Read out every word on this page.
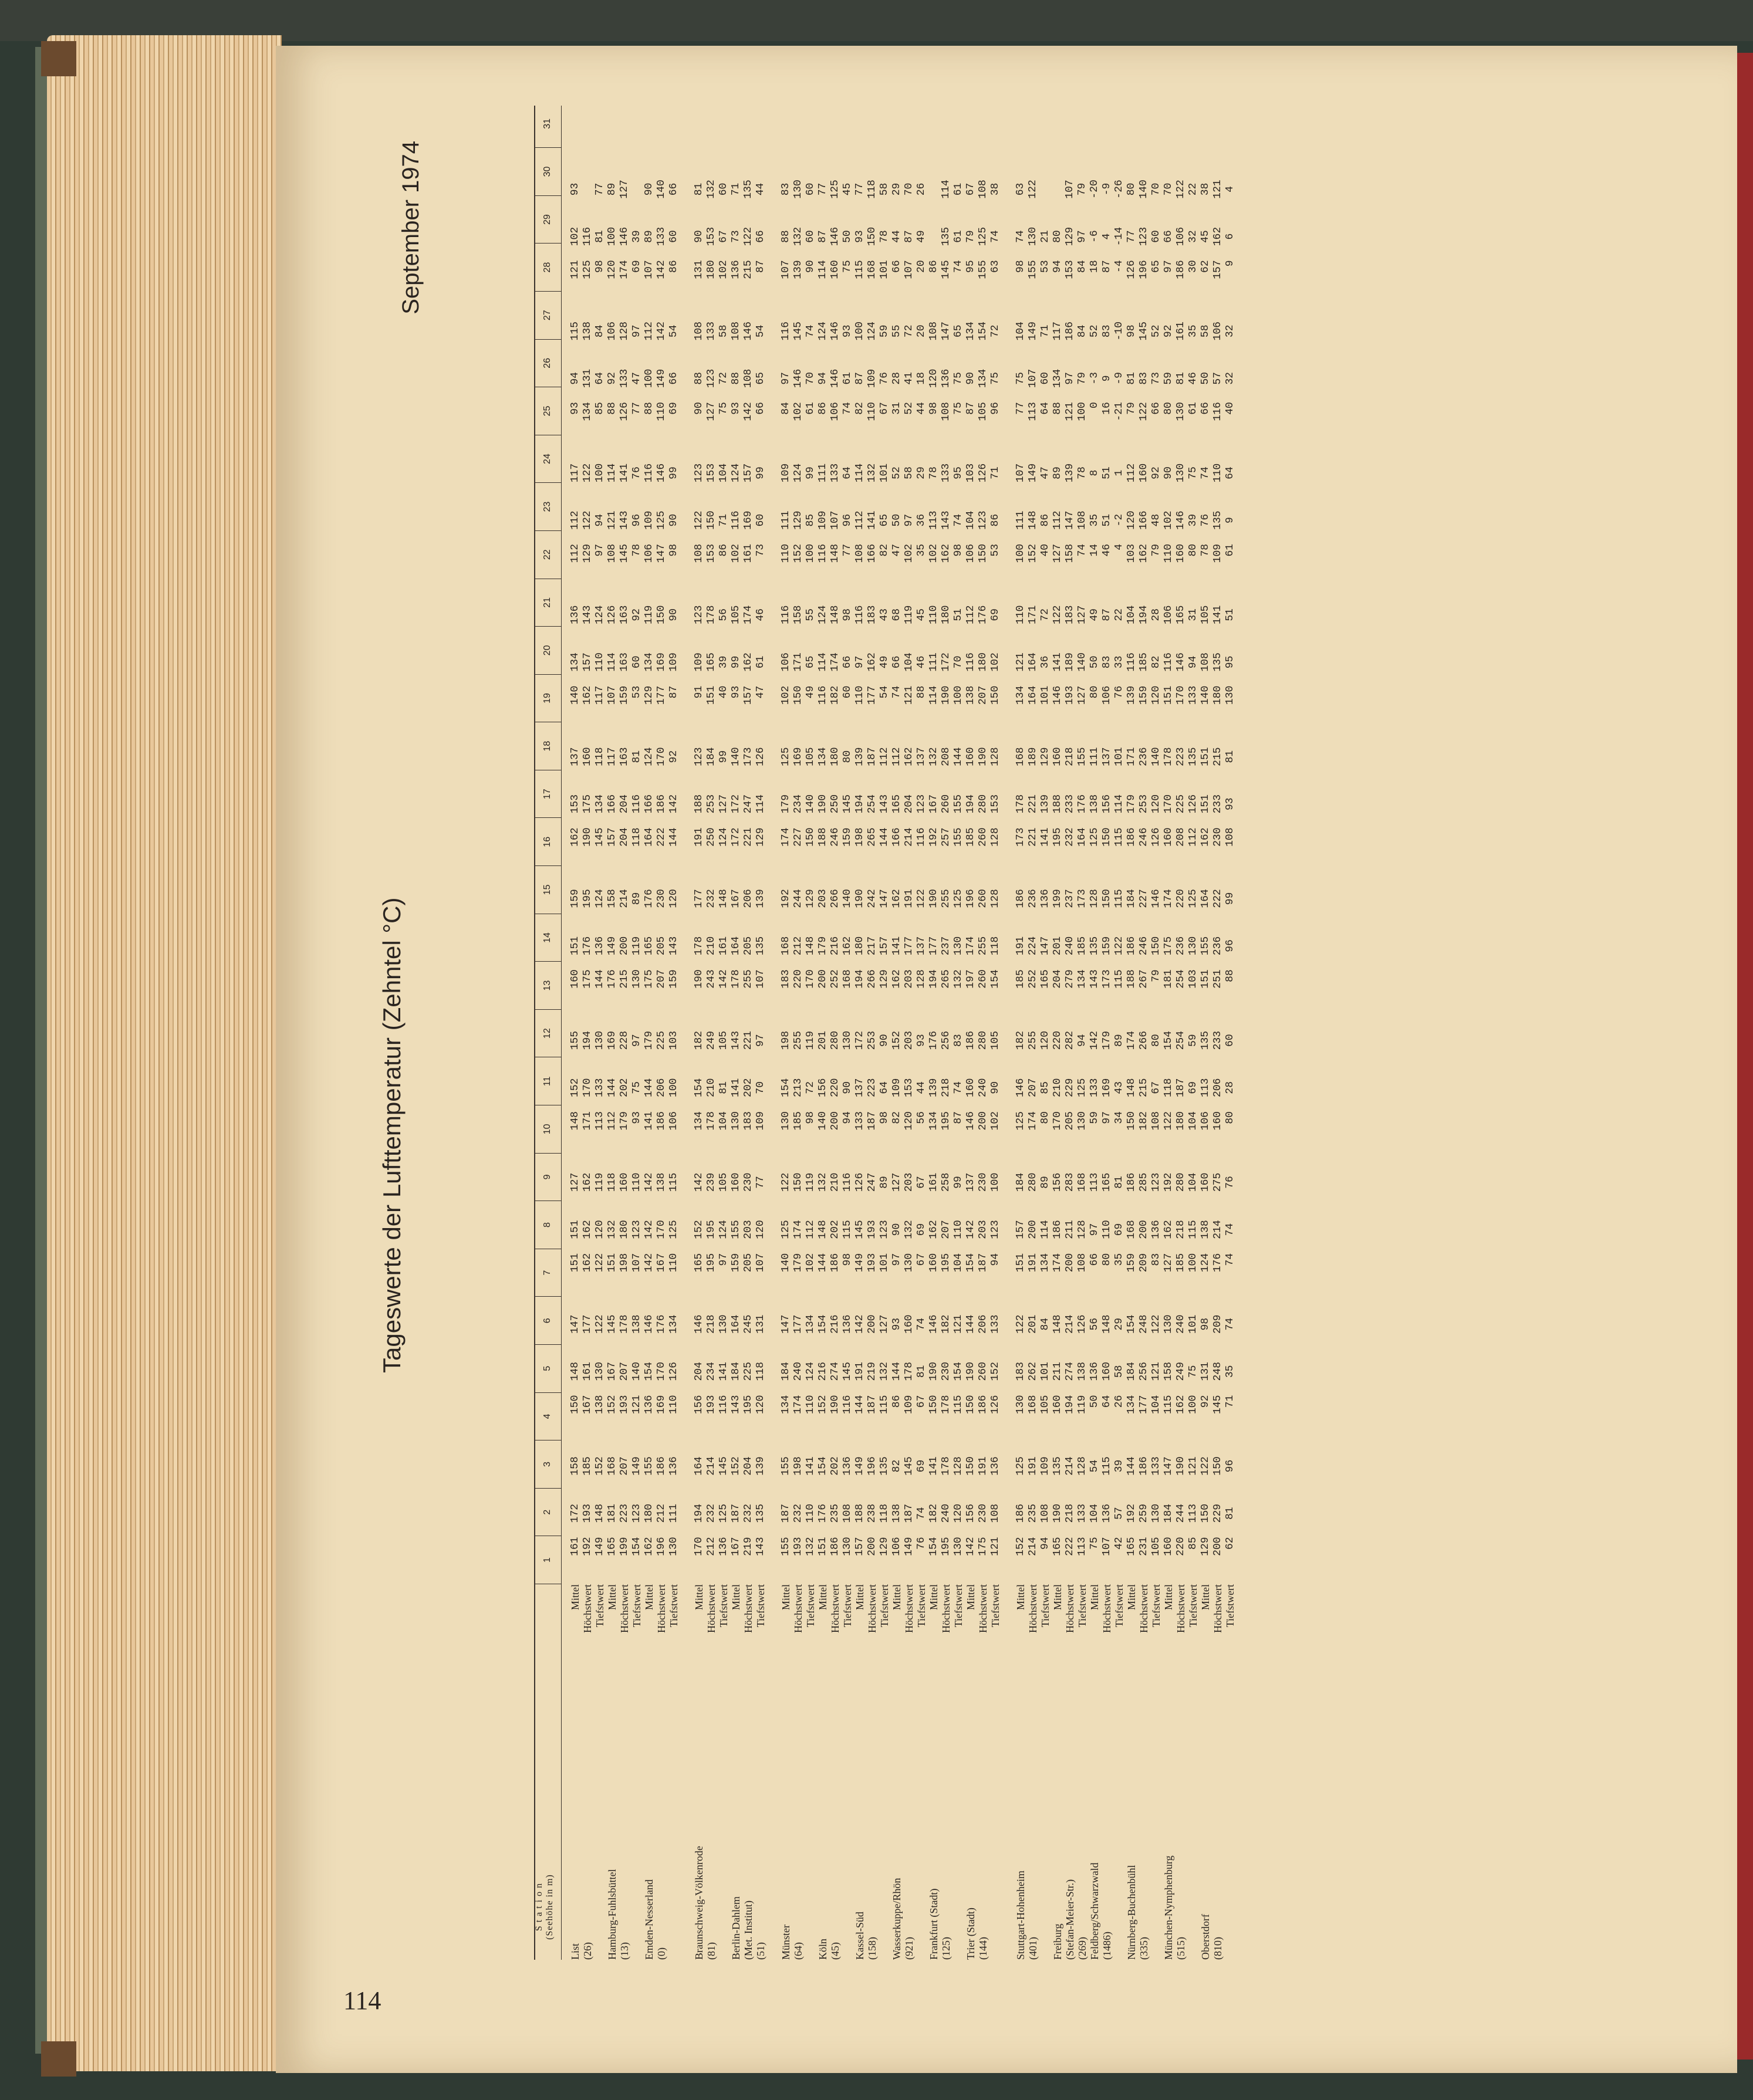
Tageswerte der Lufttemperatur (Zehntel °C)
September 1974
S t a t i o n (Seehöhe in m)
1
2
3
4
5
6
7
8
9
10
11
12
13
14
15
16
17
18
19
20
21
22
23
24
25
26
27
28
29
30
31
List
Mittel
161
172
158
150
148
147
151
151
127
148
152
155
160
151
159
162
153
137
140
134
136
112
112
117
93
94
115
121
102
93
(26)
Höchstwert
192
193
185
167
161
177
162
162
162
171
170
194
175
176
195
190
175
160
162
157
143
129
122
122
134
131
138
125
116
Tiefstwert
149
148
152
138
130
122
122
120
119
113
133
130
144
136
124
145
134
118
117
110
124
97
94
100
85
64
84
98
81
77
Hamburg-Fuhlsbüttel
Mittel
165
181
168
152
167
145
151
132
118
112
144
169
176
149
158
157
166
117
107
114
126
108
121
114
88
92
106
120
100
89
(13)
Höchstwert
199
223
207
193
207
178
198
180
160
179
202
228
215
200
214
204
204
163
159
163
163
145
143
141
126
133
128
174
146
127
Tiefstwert
154
123
149
121
140
138
107
123
110
93
75
97
130
119
89
118
116
81
53
60
92
78
96
76
77
47
97
69
39
Emden-Nesserland
Mittel
162
180
155
136
154
146
142
142
142
141
144
179
175
165
176
164
166
124
129
134
119
106
109
116
88
100
112
107
89
90
(0)
Höchstwert
196
212
186
169
170
176
167
170
138
186
206
225
207
205
230
222
186
170
177
169
150
147
125
146
110
149
142
142
133
140
Tiefstwert
130
111
136
110
126
134
110
125
115
106
100
103
159
143
120
144
142
92
87
109
90
98
90
99
69
66
54
86
60
66
Braunschweig-Völkenrode
Mittel
170
194
164
156
204
146
165
152
142
134
154
182
190
178
177
191
188
123
91
109
123
108
122
123
90
88
108
131
90
81
(81)
Höchstwert
212
232
214
193
234
218
195
195
239
178
210
249
243
210
232
250
253
184
151
165
178
153
150
153
127
123
133
180
153
132
Tiefstwert
136
125
145
116
141
130
97
124
105
104
81
105
142
161
148
124
127
99
40
39
56
86
71
104
75
72
58
102
67
60
Berlin-Dahlem
Mittel
167
187
152
143
184
164
159
155
160
130
141
143
178
164
167
172
172
140
93
99
105
102
116
124
93
88
108
136
73
71
(Met. Institut)
Höchstwert
219
232
204
195
225
245
205
203
230
183
202
221
255
205
206
221
247
173
157
162
174
161
169
157
142
108
146
215
122
135
(51)
Tiefstwert
143
135
139
120
118
131
107
120
77
109
70
97
107
135
139
129
114
126
47
61
46
73
60
99
66
65
54
87
66
44
Münster
Mittel
155
187
155
134
184
147
140
125
122
130
154
198
183
168
192
174
179
125
102
106
116
110
111
109
84
97
116
107
88
83
(64)
Höchstwert
193
232
198
174
240
177
179
174
150
185
213
255
220
212
244
227
234
169
150
171
158
152
129
124
102
146
145
139
132
130
Tiefstwert
132
110
141
110
124
134
102
112
119
98
72
119
170
148
129
150
140
105
49
65
55
100
85
99
61
70
74
90
60
60
Köln
Mittel
151
176
154
152
216
154
144
148
132
140
156
201
200
179
203
188
190
134
116
114
124
116
109
111
86
94
124
114
87
77
(45)
Höchstwert
186
235
202
190
274
216
186
202
210
200
220
280
252
216
266
246
250
180
182
174
148
148
107
133
106
146
146
160
146
125
Tiefstwert
130
108
136
116
145
136
98
115
116
94
90
130
168
162
140
159
145
80
60
66
98
77
96
64
74
61
93
75
50
45
Kassel-Süd
Mittel
157
188
149
144
191
142
149
145
126
133
137
172
194
180
190
198
194
139
110
97
116
108
112
114
82
87
100
115
93
77
(158)
Höchstwert
200
238
196
187
219
200
193
193
247
187
223
253
266
217
242
265
254
187
177
162
183
166
141
132
110
109
124
168
150
118
Tiefstwert
129
118
135
115
132
127
101
123
89
98
64
90
129
157
147
144
143
112
54
49
43
82
65
101
67
76
59
101
78
58
Wasserkuppe/Rhön
Mittel
106
138
82
86
144
93
97
90
127
82
109
152
162
141
162
166
165
112
74
66
68
47
50
52
31
28
55
66
44
29
(921)
Höchstwert
149
187
145
109
178
160
130
132
203
120
153
203
203
177
191
214
204
162
121
104
119
102
97
58
52
41
72
107
87
70
Tiefstwert
76
74
69
67
81
74
67
69
67
56
44
93
128
137
122
116
123
137
88
46
45
35
36
29
44
18
20
20
49
26
Frankfurt (Stadt)
Mittel
154
182
141
150
190
146
160
162
161
134
139
176
194
177
190
192
167
132
114
111
110
102
113
78
98
120
108
86
(125)
Höchstwert
195
240
178
178
230
182
195
207
258
195
218
256
265
237
255
257
260
208
190
172
180
162
143
133
108
136
147
145
135
114
Tiefstwert
130
120
128
115
154
121
104
110
99
87
74
83
132
130
125
155
155
144
100
70
51
98
74
95
75
75
65
74
61
61
Trier (Stadt)
Mittel
142
156
150
150
190
144
154
142
137
146
160
186
197
174
196
185
194
160
138
116
112
106
104
103
87
90
134
95
79
67
(144)
Höchstwert
175
230
191
186
260
206
187
203
230
200
240
280
260
255
260
260
280
190
207
180
176
150
123
126
105
134
154
155
125
108
Tiefstwert
121
108
136
126
152
133
94
123
100
102
90
105
154
118
128
128
153
128
150
102
69
53
86
71
96
75
72
63
74
38
Stuttgart-Hohenheim
Mittel
152
186
125
130
183
122
151
157
184
125
146
182
185
191
186
173
178
168
134
121
110
100
111
107
77
75
104
98
74
63
(401)
Höchstwert
214
235
191
168
262
201
191
200
280
174
207
255
252
224
236
221
221
189
164
164
171
152
148
149
113
107
149
155
130
122
Tiefstwert
94
108
109
105
101
84
134
114
89
80
85
120
165
147
136
141
139
129
101
36
72
40
86
47
64
60
71
53
21
Freiburg
Mittel
165
190
135
160
211
148
174
186
156
170
210
220
204
201
199
195
188
160
146
141
122
127
112
89
88
134
117
94
80
(Stefan-Meier-Str.)
Höchstwert
222
218
214
194
274
214
200
211
283
205
229
282
279
240
237
232
233
218
193
189
183
158
147
139
121
97
186
153
129
107
(269)
Tiefstwert
113
133
128
119
138
126
108
128
168
130
125
94
134
185
173
164
176
155
127
140
127
74
108
78
100
79
84
84
97
79
Feldberg/Schwarzwald
Mittel
75
104
54
50
136
56
66
97
113
59
133
142
143
135
128
125
138
111
80
50
49
14
35
8
0
-3
52
18
-6
-20
(1486)
Höchstwert
107
136
115
64
160
148
80
110
165
97
169
179
173
159
150
150
156
137
106
83
87
46
51
51
16
9
83
87
4
-9
Tiefstwert
42
57
39
26
58
29
35
69
81
34
43
89
115
122
115
115
114
101
76
33
22
4
-2
1
-21
-9
-10
-4
-14
-26
Nürnberg-Buchenbühl
Mittel
165
192
144
134
184
154
159
168
186
150
148
174
188
186
184
186
179
171
139
116
104
103
120
112
79
81
98
126
77
80
(335)
Höchstwert
231
259
186
177
256
248
209
200
285
182
215
266
267
246
227
246
253
236
159
185
194
162
166
160
122
83
145
196
123
140
Tiefstwert
105
130
133
104
121
122
83
136
123
108
67
80
79
150
146
126
120
140
120
82
28
79
48
92
66
73
52
65
60
70
München-Nymphenburg
Mittel
160
184
147
115
158
130
127
162
192
122
118
154
181
175
174
160
170
178
151
116
106
110
102
90
80
59
92
97
66
70
(515)
Höchstwert
220
244
190
162
249
240
185
218
280
180
187
254
254
236
220
208
225
223
170
146
165
160
146
130
130
81
161
186
106
122
Tiefstwert
85
113
121
100
75
101
100
115
104
104
69
59
103
130
125
112
126
135
133
94
31
80
39
75
61
46
35
30
32
22
Oberstdorf
Mittel
129
150
122
92
131
98
124
138
160
106
113
135
151
155
164
162
151
151
140
108
105
78
76
74
66
50
58
62
45
38
(810)
Höchstwert
200
229
150
145
248
209
176
214
275
160
206
233
251
236
222
230
233
215
180
135
141
109
135
110
116
57
106
157
162
121
Tiefstwert
62
81
96
71
35
74
74
74
76
80
28
60
88
96
99
108
93
81
130
95
51
61
9
64
40
32
32
9
6
4
114
